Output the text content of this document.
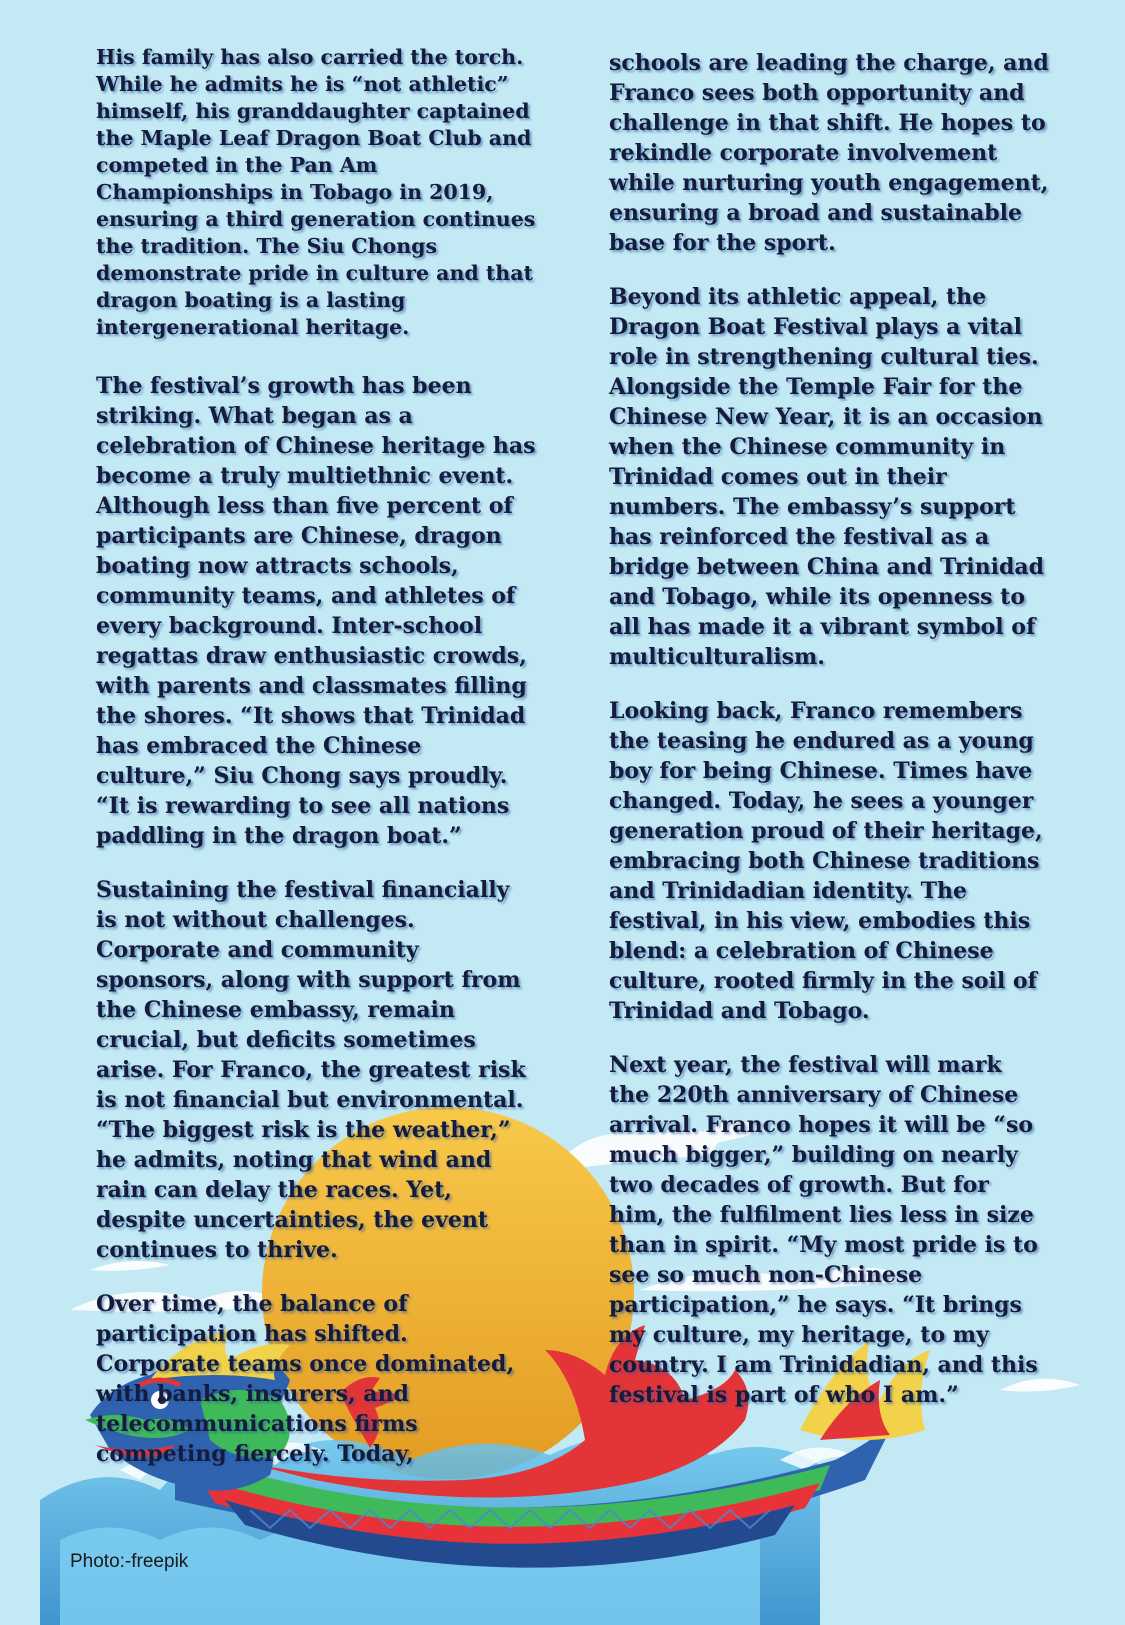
His family has also carried the torch. While he admits he is “not athletic” himself, his granddaughter captained the Maple Leaf Dragon Boat Club and competed in the Pan Am Championships in Tobago in 2019, ensuring a third generation continues the tradition. The Siu Chongs demonstrate pride in culture and that dragon boating is a lasting intergenerational heritage.

The festival’s growth has been striking. What began as a celebration of Chinese heritage has become a truly multiethnic event. Although less than five percent of participants are Chinese, dragon boating now attracts schools, community teams, and athletes of every background. Inter-school regattas draw enthusiastic crowds, with parents and classmates filling the shores. “It shows that Trinidad has embraced the Chinese culture,” Siu Chong says proudly. “It is rewarding to see all nations paddling in the dragon boat.”

Sustaining the festival financially is not without challenges. Corporate and community sponsors, along with support from the Chinese embassy, remain crucial, but deficits sometimes arise. For Franco, the greatest risk is not financial but environmental. “The biggest risk is the weather,” he admits, noting that wind and rain can delay the races. Yet, despite uncertainties, the event continues to thrive.

Over time, the balance of participation has shifted. Corporate teams once dominated, with banks, insurers, and telecommunications firms competing fiercely. Today,

schools are leading the charge, and Franco sees both opportunity and challenge in that shift. He hopes to rekindle corporate involvement while nurturing youth engagement, ensuring a broad and sustainable base for the sport.

Beyond its athletic appeal, the Dragon Boat Festival plays a vital role in strengthening cultural ties. Alongside the Temple Fair for the Chinese New Year, it is an occasion when the Chinese community in Trinidad comes out in their numbers. The embassy’s support has reinforced the festival as a bridge between China and Trinidad and Tobago, while its openness to all has made it a vibrant symbol of multiculturalism.

Looking back, Franco remembers the teasing he endured as a young boy for being Chinese. Times have changed. Today, he sees a younger generation proud of their heritage, embracing both Chinese traditions and Trinidadian identity. The festival, in his view, embodies this blend: a celebration of Chinese culture, rooted firmly in the soil of Trinidad and Tobago.

Next year, the festival will mark the 220th anniversary of Chinese arrival. Franco hopes it will be “so much bigger,” building on nearly two decades of growth. But for him, the fulfilment lies less in size than in spirit. “My most pride is to see so much non-Chinese participation,” he says. “It brings my culture, my heritage, to my country. I am Trinidadian, and this festival is part of who I am.”

Photo:-freepik
